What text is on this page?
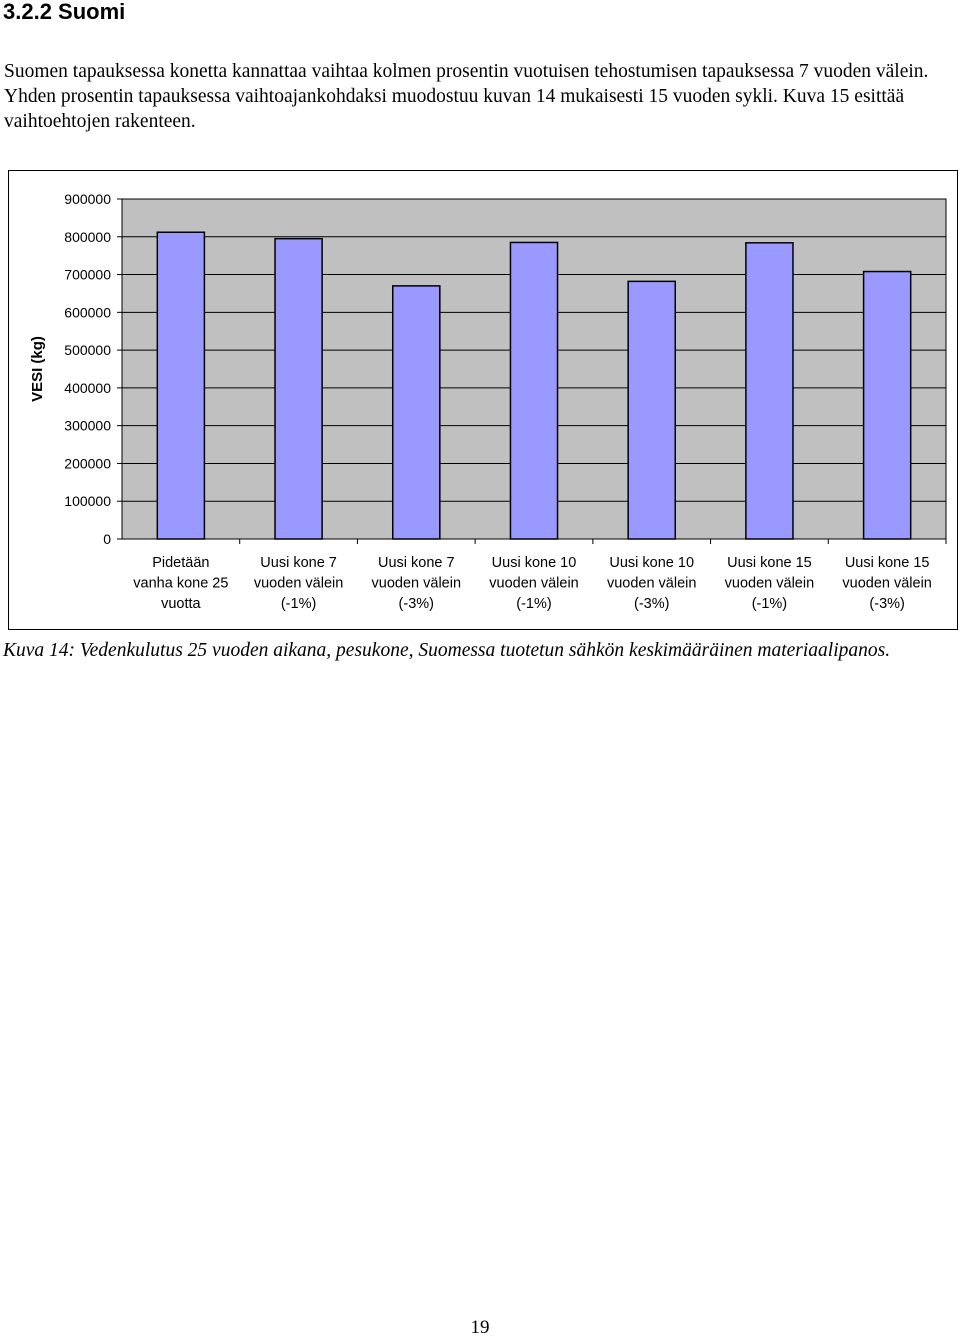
3.2.2 Suomi

Suomen tapauksessa konetta kannattaa vaihtaa kolmen prosentin vuotuisen tehostumisen tapauksessa 7 vuoden välein. Yhden prosentin tapauksessa vaihtoajankohdaksi muodostuu kuvan 14 mukaisesti 15 vuoden sykli. Kuva 15 esittää vaihtoehtojen rakenteen.

0
100000
200000
300000
400000
500000
600000
700000
800000
900000
VESI (kg)
Pidetään vanha kone 25 vuotta
Uusi kone 7 vuoden välein (-1%)
Uusi kone 7 vuoden välein (-3%)
Uusi kone 10 vuoden välein (-1%)
Uusi kone 10 vuoden välein (-3%)
Uusi kone 15 vuoden välein (-1%)
Uusi kone 15 vuoden välein (-3%)

Kuva 14: Vedenkulutus 25 vuoden aikana, pesukone, Suomessa tuotetun sähkön keskimääräinen materiaalipanos.

19
